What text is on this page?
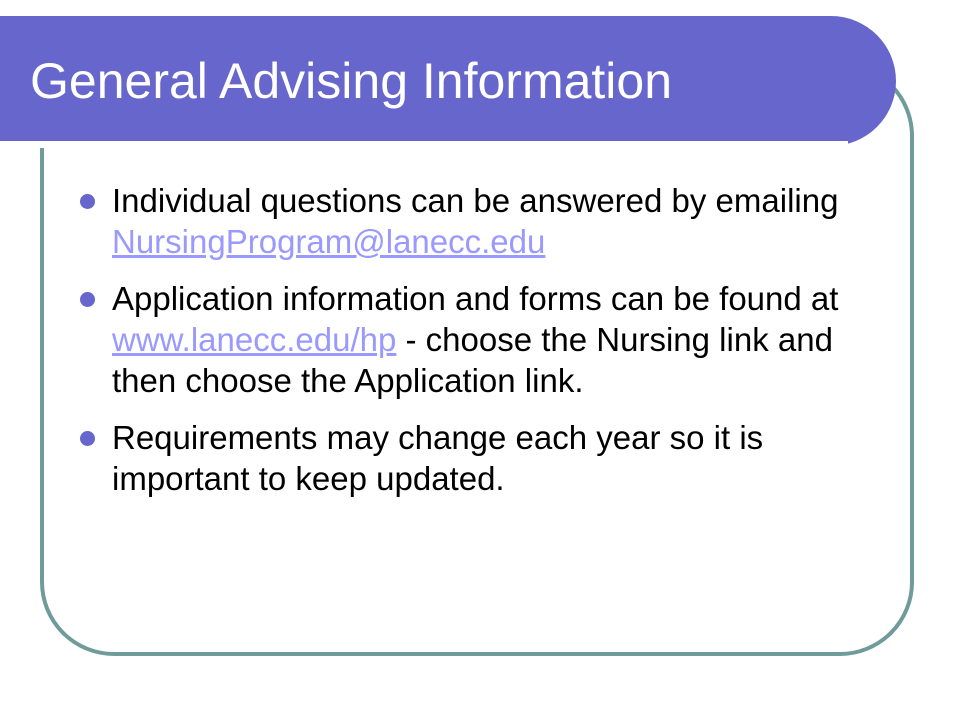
General Advising Information
Individual questions can be answered by emailing NursingProgram@lanecc.edu
Application information and forms can be found at www.lanecc.edu/hp - choose the Nursing link and then choose the Application link.
Requirements may change each year so it is important to keep updated.
